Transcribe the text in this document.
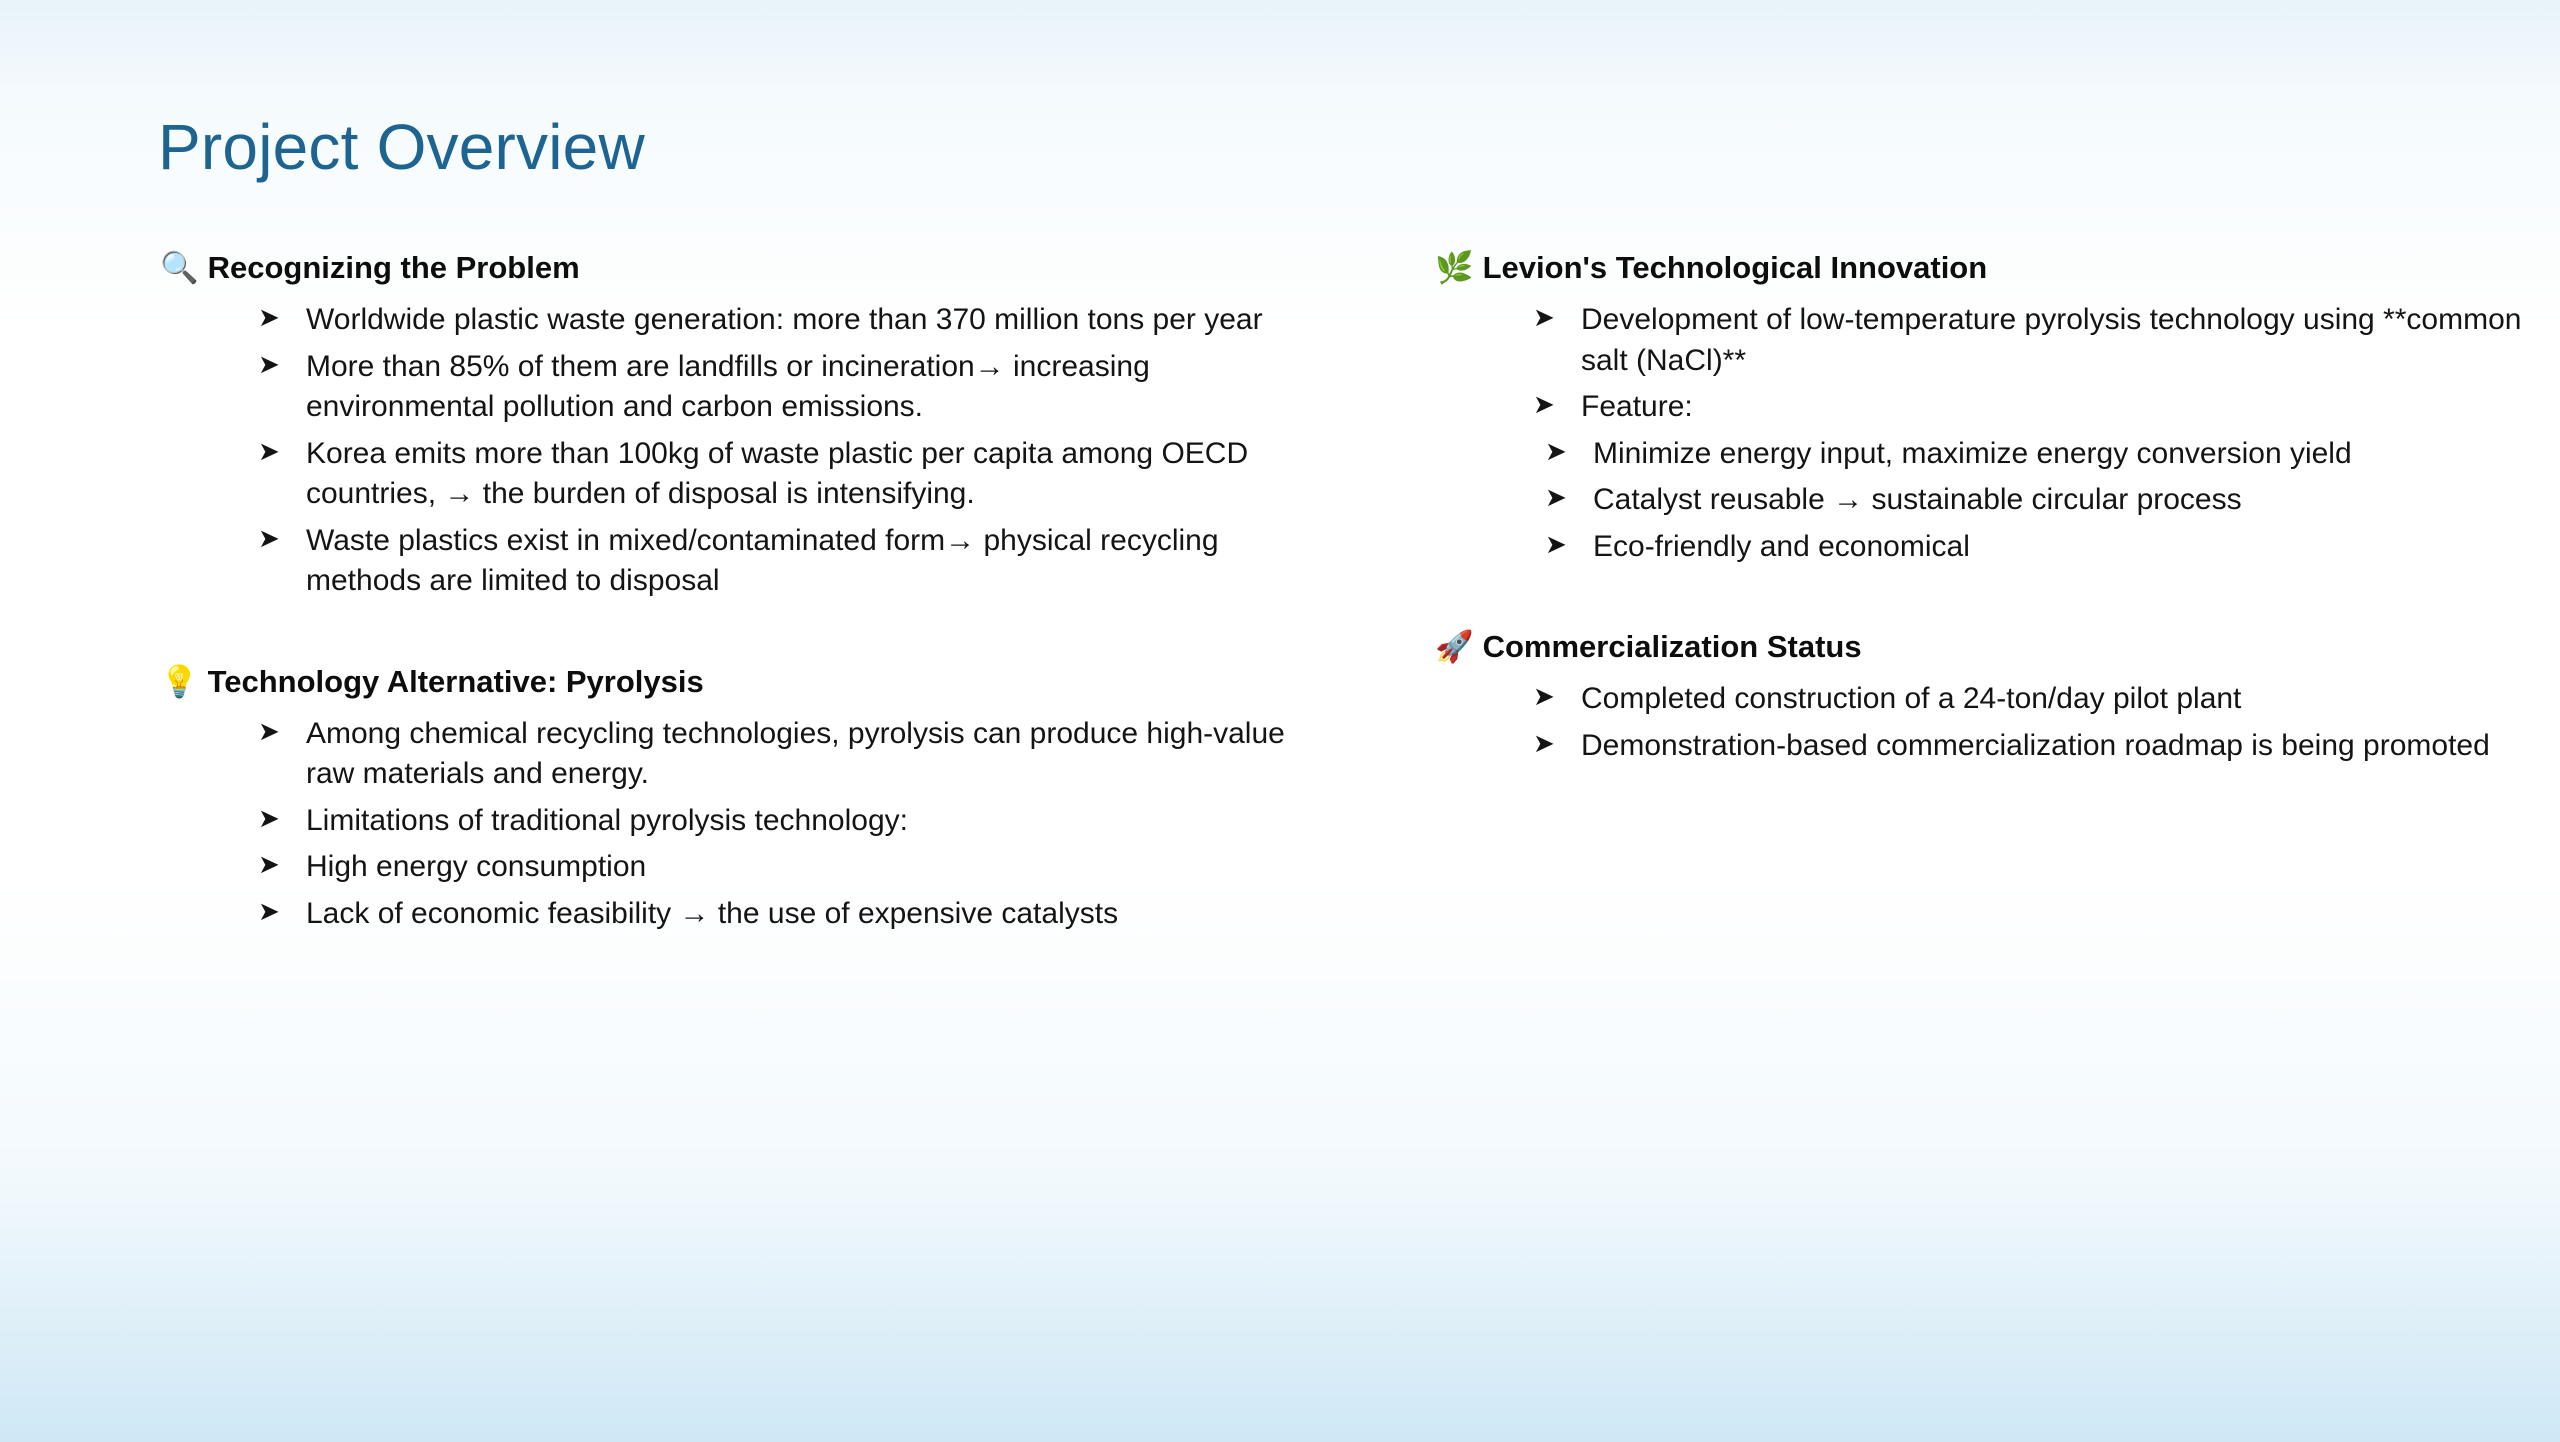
Project Overview
🔍 Recognizing the Problem
➤ Worldwide plastic waste generation: more than 370 million tons per year
➤ More than 85% of them are landfills or incineration→ increasing environmental pollution and carbon emissions.
➤ Korea emits more than 100kg of waste plastic per capita among OECD countries, → the burden of disposal is intensifying.
➤ Waste plastics exist in mixed/contaminated form→ physical recycling methods are limited to disposal
💡 Technology Alternative: Pyrolysis
➤ Among chemical recycling technologies, pyrolysis can produce high-value raw materials and energy.
➤ Limitations of traditional pyrolysis technology:
➤ High energy consumption
➤ Lack of economic feasibility → the use of expensive catalysts
🌿 Levion's Technological Innovation
➤ Development of low-temperature pyrolysis technology using **common salt (NaCl)**
➤ Feature:
➤ Minimize energy input, maximize energy conversion yield
➤ Catalyst reusable → sustainable circular process
➤ Eco-friendly and economical
🚀 Commercialization Status
➤ Completed construction of a 24-ton/day pilot plant
➤ Demonstration-based commercialization roadmap is being promoted
